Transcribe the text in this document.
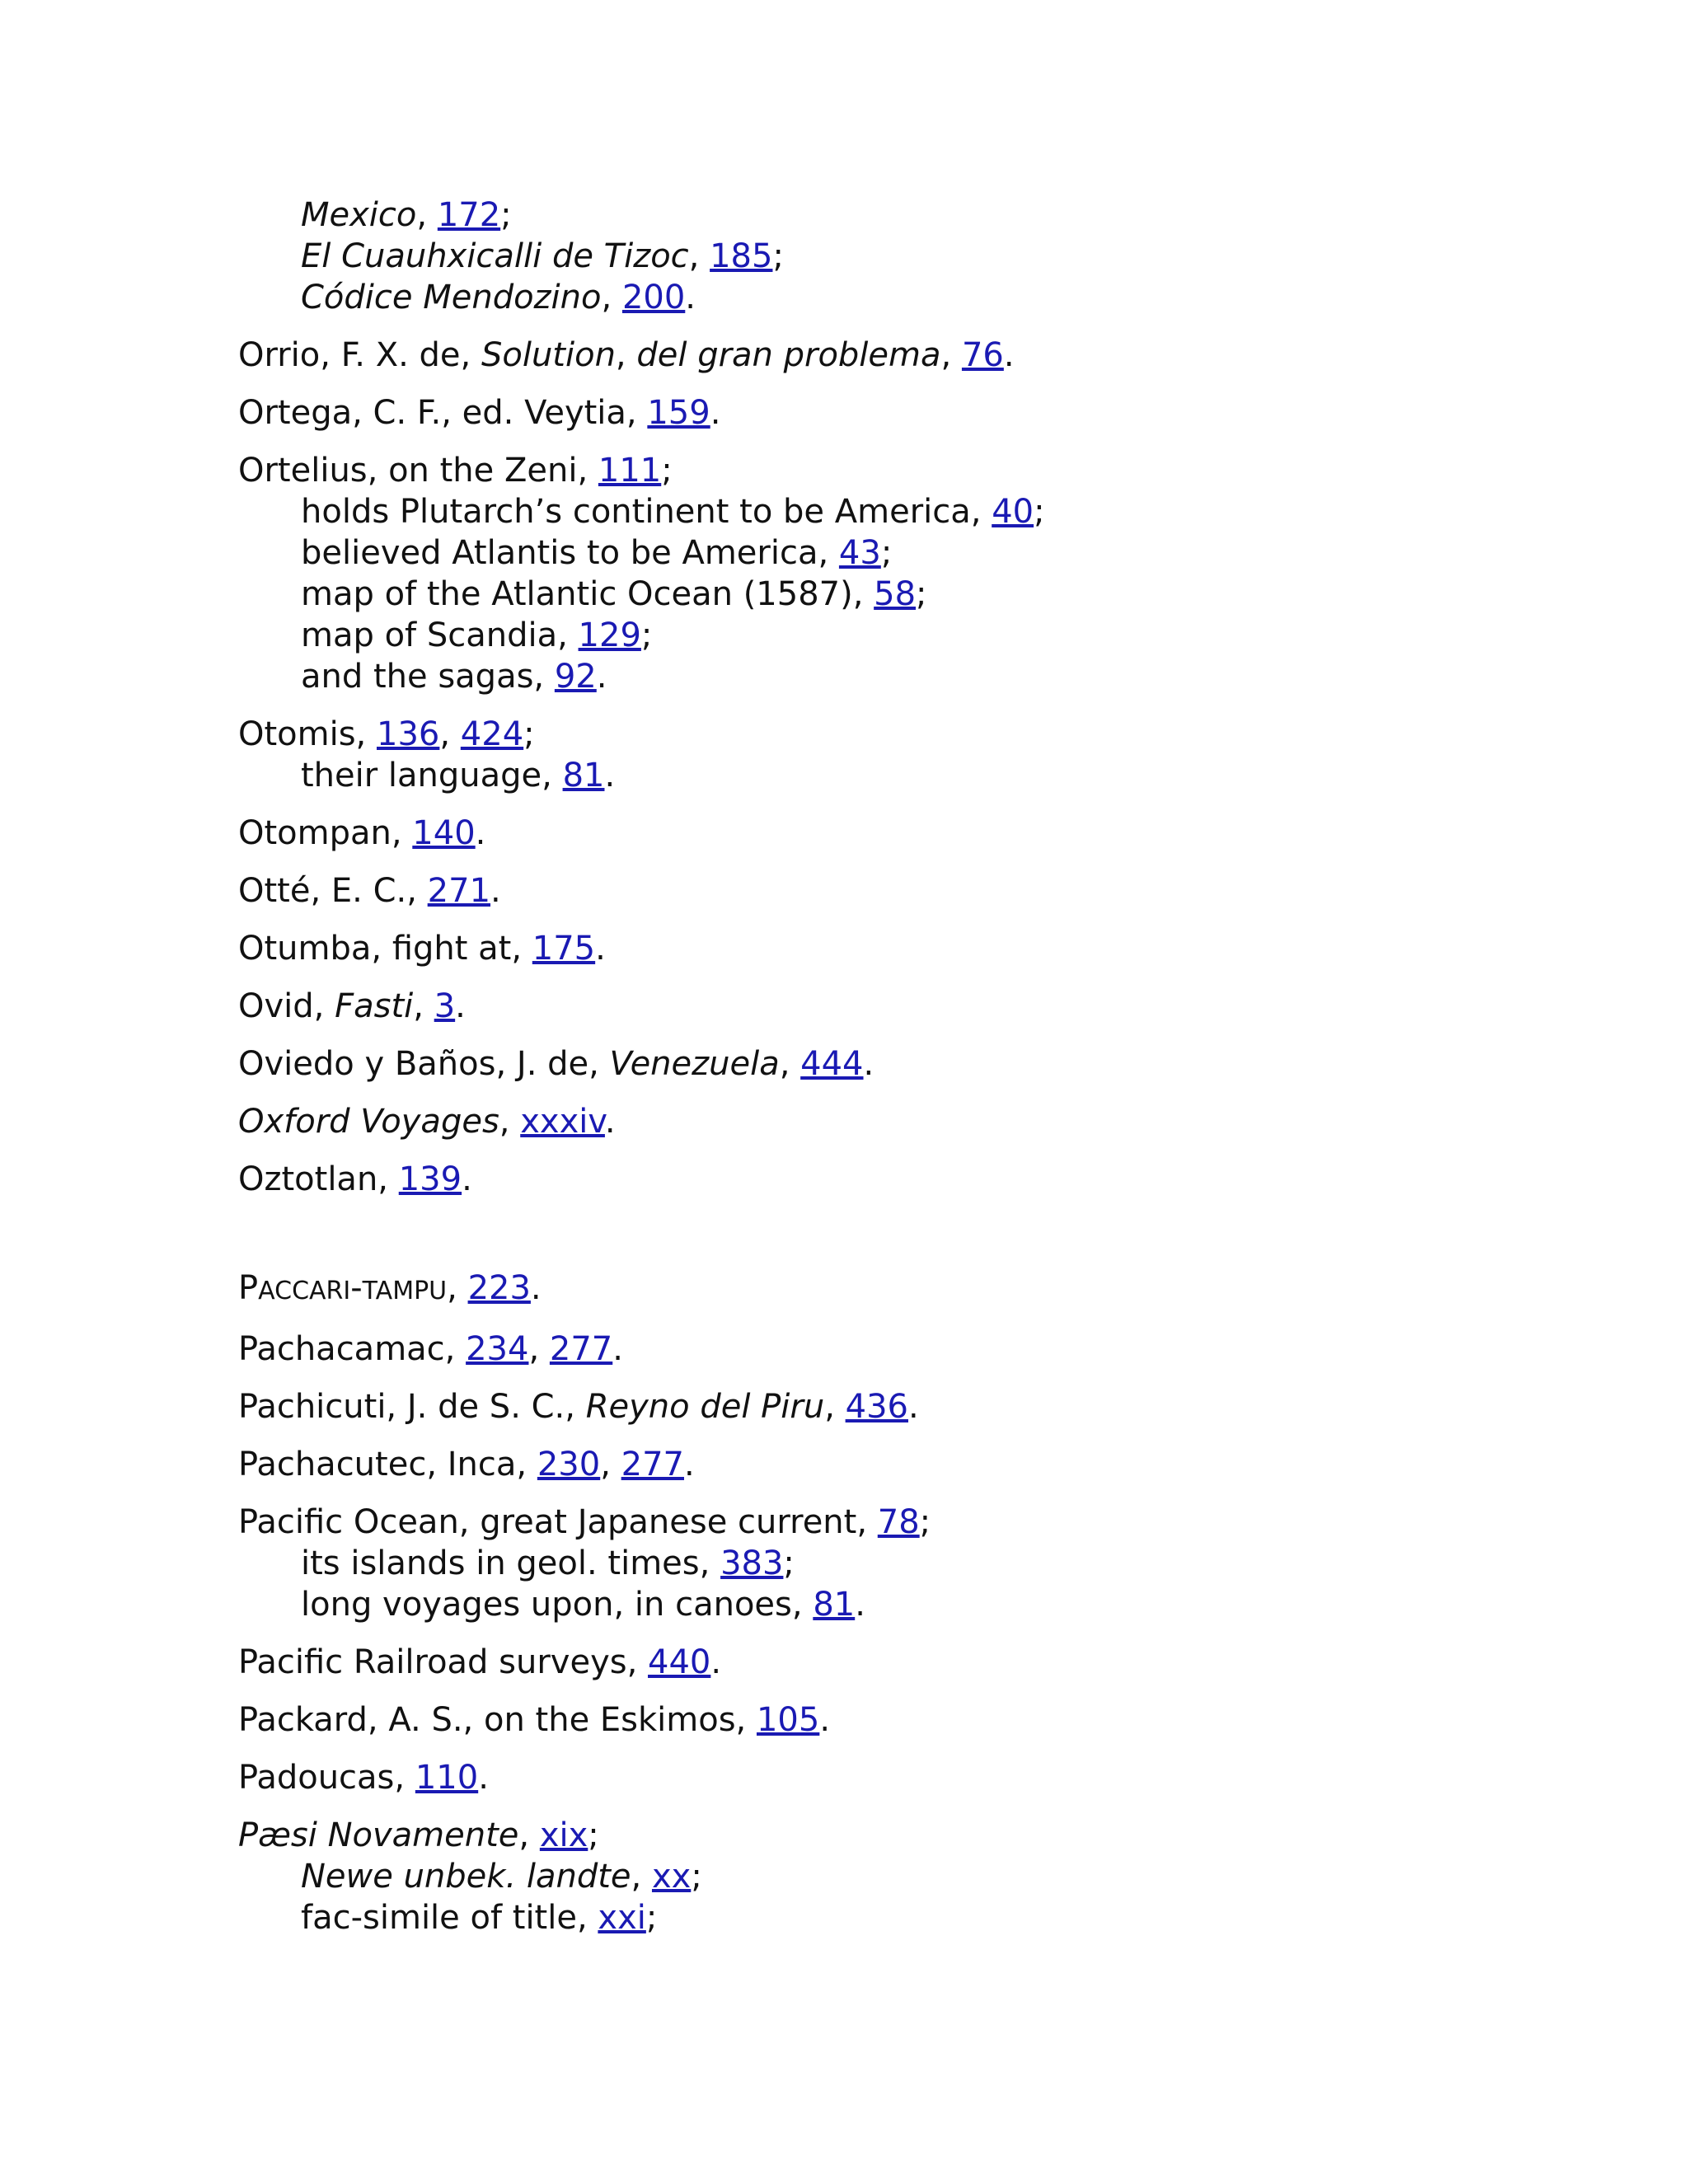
Mexico, 172;
El Cuauhxicalli de Tizoc, 185;
Códice Mendozino, 200.
Orrio, F. X. de, Solution, del gran problema, 76.
Ortega, C. F., ed. Veytia, 159.
Ortelius, on the Zeni, 111;
holds Plutarch’s continent to be America, 40;
believed Atlantis to be America, 43;
map of the Atlantic Ocean (1587), 58;
map of Scandia, 129;
and the sagas, 92.
Otomis, 136, 424;
their language, 81.
Otompan, 140.
Otté, E. C., 271.
Otumba, fight at, 175.
Ovid, Fasti, 3.
Oviedo y Baños, J. de, Venezuela, 444.
Oxford Voyages, xxxiv.
Oztotlan, 139.
PACCARI-TAMPU, 223.
Pachacamac, 234, 277.
Pachicuti, J. de S. C., Reyno del Piru, 436.
Pachacutec, Inca, 230, 277.
Pacific Ocean, great Japanese current, 78;
its islands in geol. times, 383;
long voyages upon, in canoes, 81.
Pacific Railroad surveys, 440.
Packard, A. S., on the Eskimos, 105.
Padoucas, 110.
Pæsi Novamente, xix;
Newe unbek. landte, xx;
fac-simile of title, xxi;
